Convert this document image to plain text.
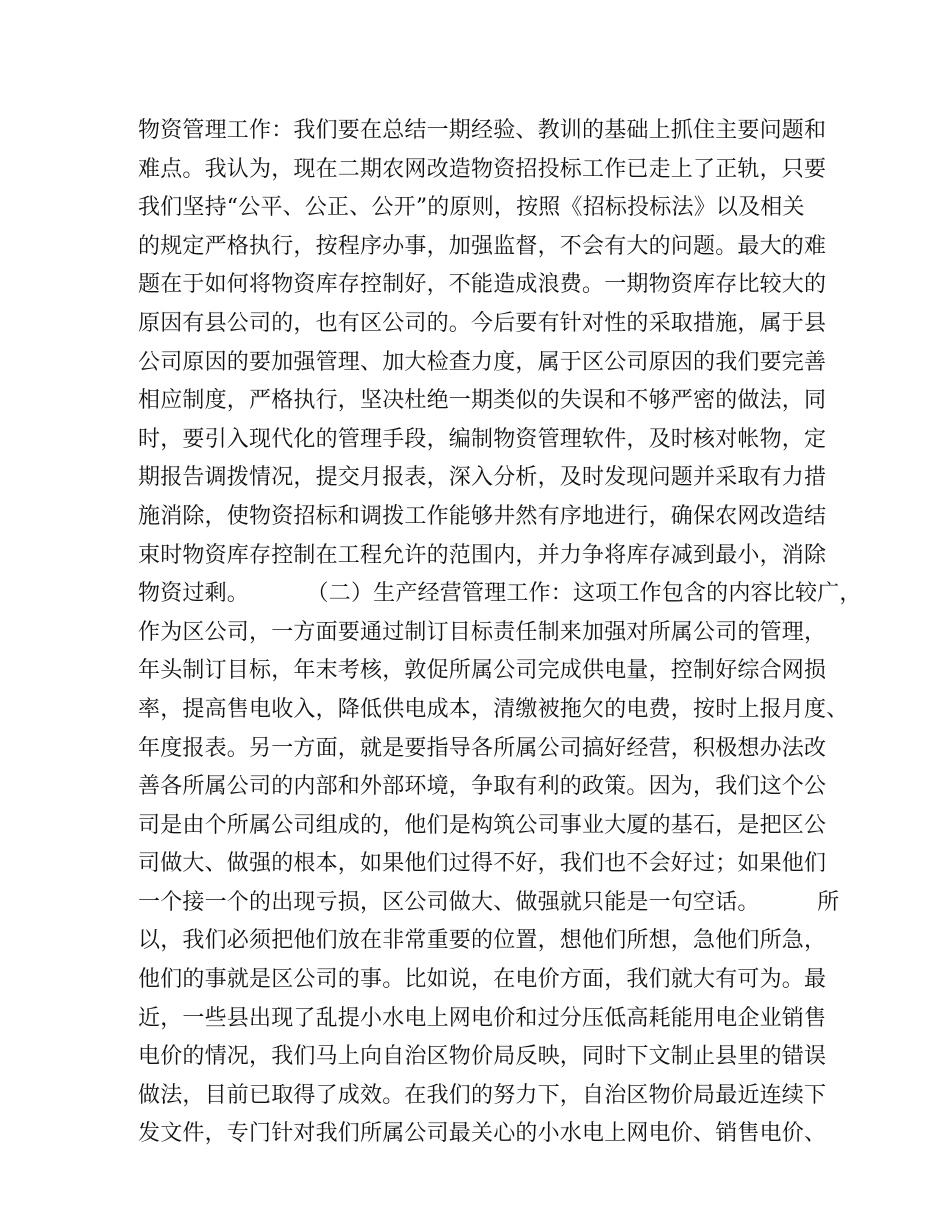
物资管理工作：我们要在总结一期经验、教训的基础上抓住主要问题和
难点。我认为，现在二期农网改造物资招投标工作已走上了正轨，只要
我们坚持“公平、公正、公开”的原则，按照《招标投标法》以及相关
的规定严格执行，按程序办事，加强监督，不会有大的问题。最大的难
题在于如何将物资库存控制好，不能造成浪费。一期物资库存比较大的
原因有县公司的，也有区公司的。今后要有针对性的采取措施，属于县
公司原因的要加强管理、加大检查力度，属于区公司原因的我们要完善
相应制度，严格执行，坚决杜绝一期类似的失误和不够严密的做法，同
时，要引入现代化的管理手段，编制物资管理软件，及时核对帐物，定
期报告调拨情况，提交月报表，深入分析，及时发现问题并采取有力措
施消除，使物资招标和调拨工作能够井然有序地进行，确保农网改造结
束时物资库存控制在工程允许的范围内，并力争将库存减到最小，消除
物资过剩。        （二）生产经营管理工作：这项工作包含的内容比较广，
作为区公司，一方面要通过制订目标责任制来加强对所属公司的管理，
年头制订目标，年末考核，敦促所属公司完成供电量，控制好综合网损
率，提高售电收入，降低供电成本，清缴被拖欠的电费，按时上报月度、
年度报表。另一方面，就是要指导各所属公司搞好经营，积极想办法改
善各所属公司的内部和外部环境，争取有利的政策。因为，我们这个公
司是由个所属公司组成的，他们是构筑公司事业大厦的基石，是把区公
司做大、做强的根本，如果他们过得不好，我们也不会好过；如果他们
一个接一个的出现亏损，区公司做大、做强就只能是一句空话。        所
以，我们必须把他们放在非常重要的位置，想他们所想，急他们所急，
他们的事就是区公司的事。比如说，在电价方面，我们就大有可为。最
近，一些县出现了乱提小水电上网电价和过分压低高耗能用电企业销售
电价的情况，我们马上向自治区物价局反映，同时下文制止县里的错误
做法，目前已取得了成效。在我们的努力下，自治区物价局最近连续下
发文件，专门针对我们所属公司最关心的小水电上网电价、销售电价、
